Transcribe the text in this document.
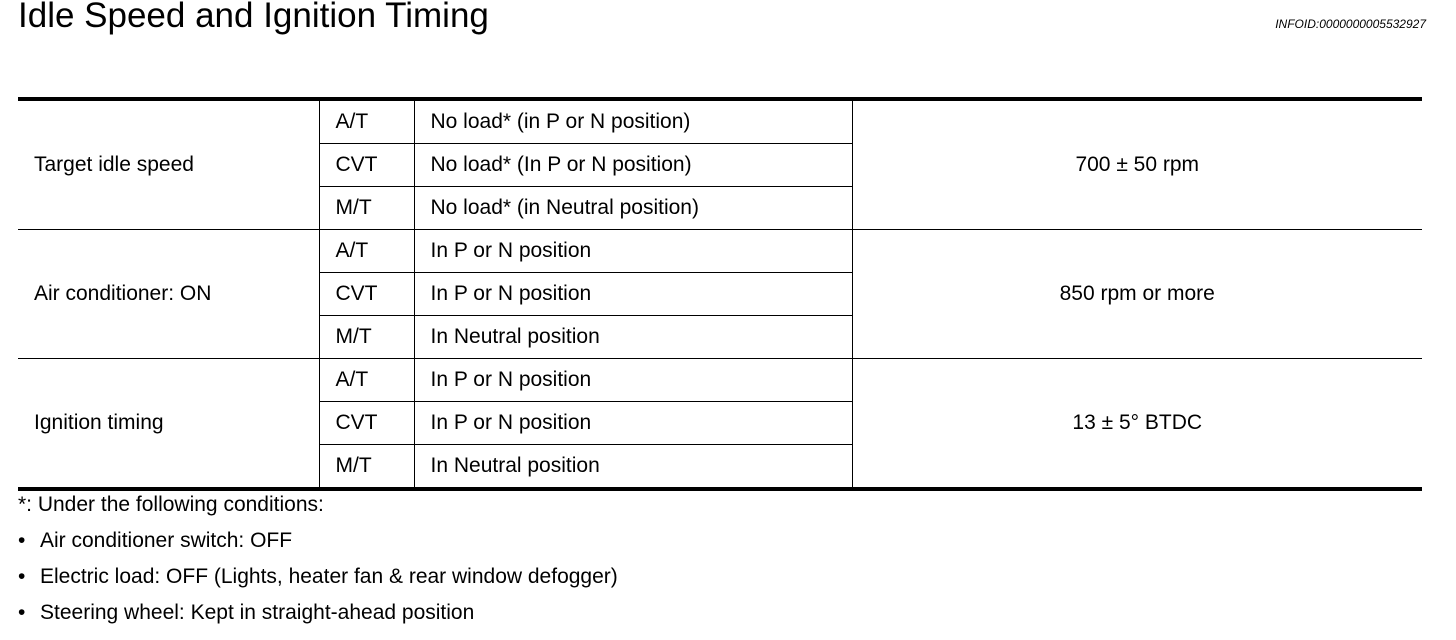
Idle Speed and Ignition Timing	INFOID:0000000005532927
Target idle speed	A/T	No load* (in P or N position)	700 ± 50 rpm
	CVT	No load* (In P or N position)	
	M/T	No load* (in Neutral position)	
Air conditioner: ON	A/T	In P or N position	850 rpm or more
	CVT	In P or N position	
	M/T	In Neutral position	
Ignition timing	A/T	In P or N position	13 ± 5° BTDC
	CVT	In P or N position	
	M/T	In Neutral position	
*: Under the following conditions:
• Air conditioner switch: OFF
• Electric load: OFF (Lights, heater fan & rear window defogger)
• Steering wheel: Kept in straight-ahead position
